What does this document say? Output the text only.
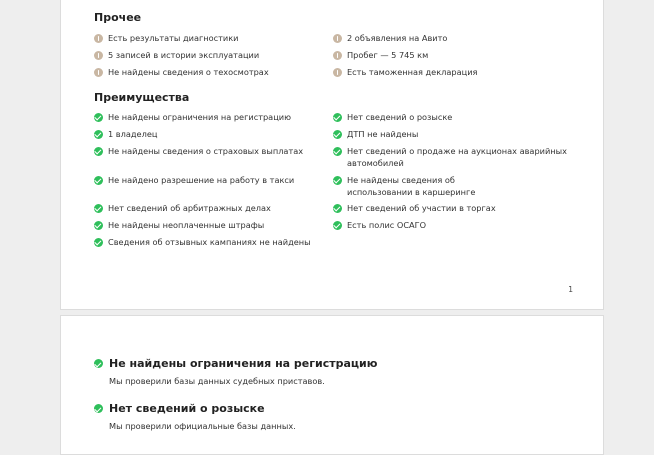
Прочее
Есть результаты диагностики
5 записей в истории эксплуатации
Не найдены сведения о техосмотрах
2 объявления на Авито
Пробег — 5 745 км
Есть таможенная декларация
Преимущества
Не найдены ограничения на регистрацию
1 владелец
Не найдены сведения о страховых выплатах
Не найдено разрешение на работу в такси
Нет сведений об арбитражных делах
Не найдены неоплаченные штрафы
Сведения об отзывных кампаниях не найдены
Нет сведений о розыске
ДТП не найдены
Нет сведений о продаже на аукционах аварийных автомобилей
Не найдены сведения об использовании в каршеринге
Нет сведений об участии в торгах
Есть полис ОСАГО
1
Не найдены ограничения на регистрацию
Мы проверили базы данных судебных приставов.
Нет сведений о розыске
Мы проверили официальные базы данных.
